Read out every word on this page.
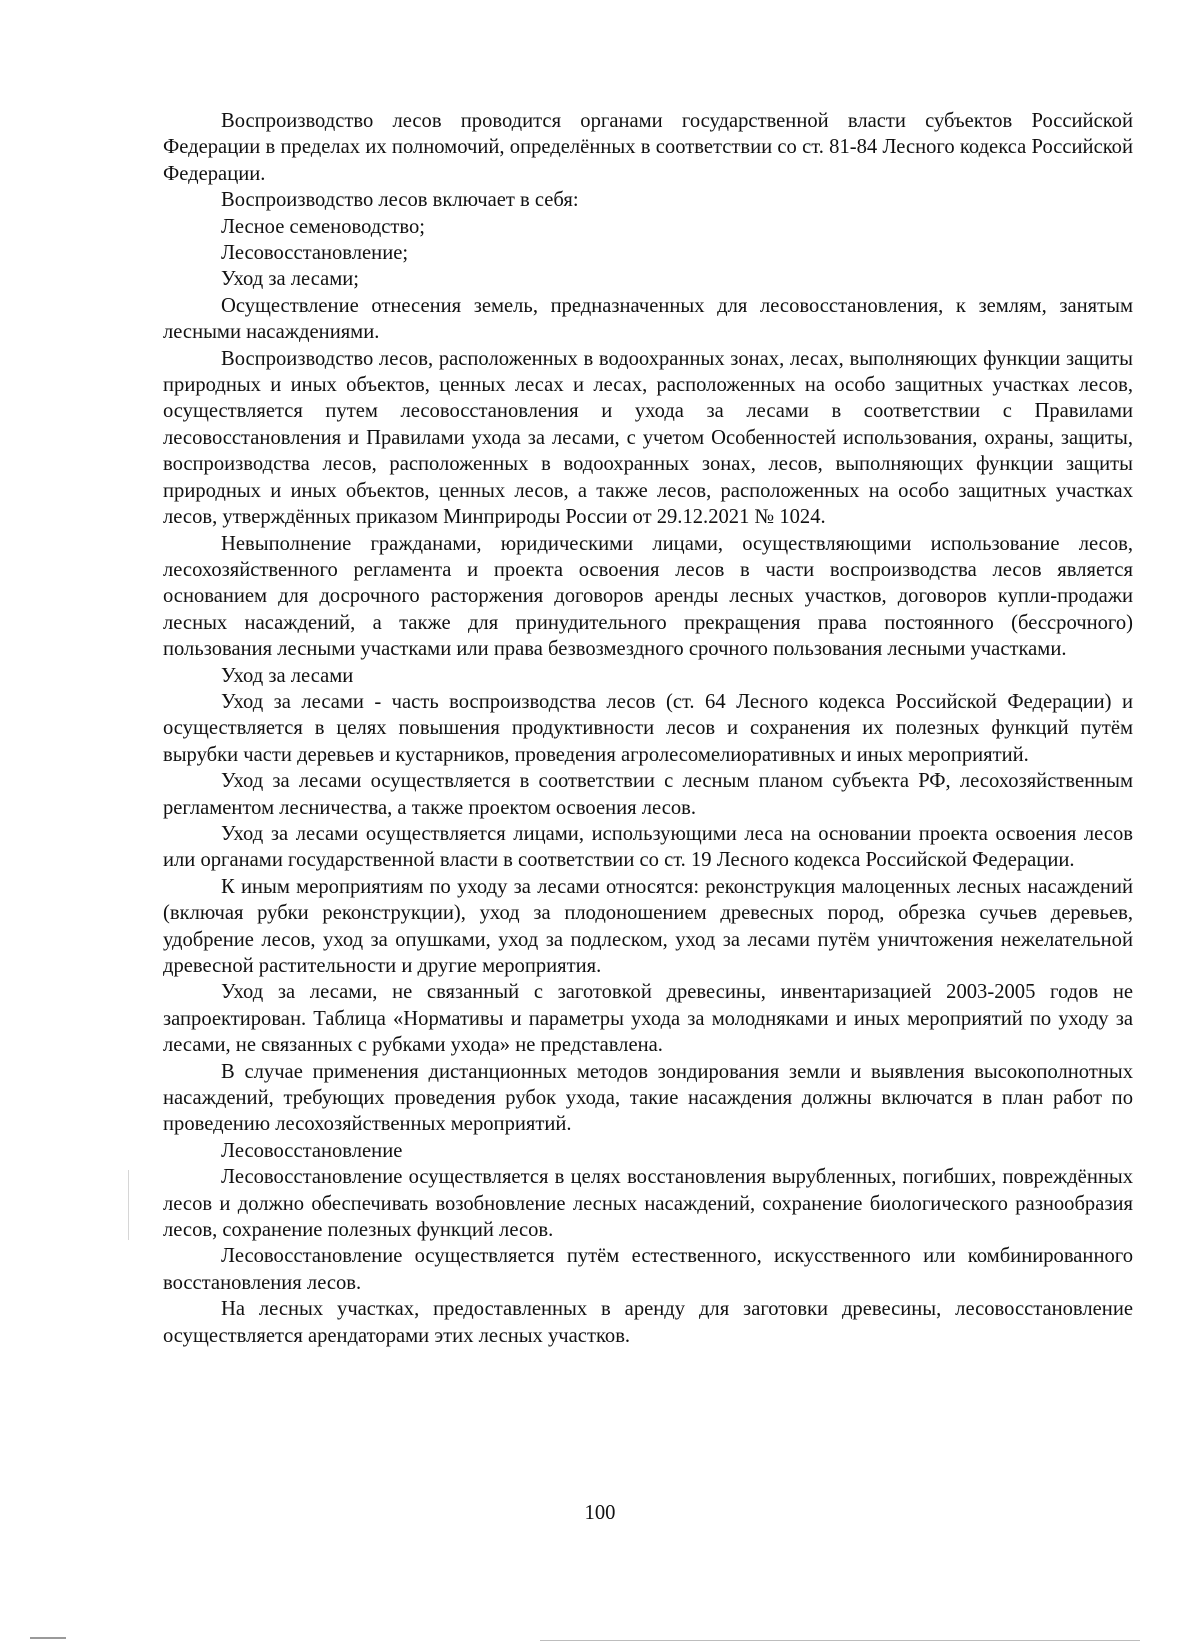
Воспроизводство лесов проводится органами государственной власти субъектов Российской Федерации в пределах их полномочий, определённых в соответствии со ст. 81-84 Лесного кодекса Российской Федерации.

Воспроизводство лесов включает в себя:

Лесное семеноводство;

Лесовосстановление;

Уход за лесами;

Осуществление отнесения земель, предназначенных для лесовосстановления, к землям, занятым лесными насаждениями.

Воспроизводство лесов, расположенных в водоохранных зонах, лесах, выполняющих функции защиты природных и иных объектов, ценных лесах и лесах, расположенных на особо защитных участках лесов, осуществляется путем лесовосстановления и ухода за лесами в соответствии с Правилами лесовосстановления и Правилами ухода за лесами, с учетом Особенностей использования, охраны, защиты, воспроизводства лесов, расположенных в водоохранных зонах, лесов, выполняющих функции защиты природных и иных объектов, ценных лесов, а также лесов, расположенных на особо защитных участках лесов, утверждённых приказом Минприроды России от 29.12.2021 № 1024.

Невыполнение гражданами, юридическими лицами, осуществляющими использование лесов, лесохозяйственного регламента и проекта освоения лесов в части воспроизводства лесов является основанием для досрочного расторжения договоров аренды лесных участков, договоров купли-продажи лесных насаждений, а также для принудительного прекращения права постоянного (бессрочного) пользования лесными участками или права безвозмездного срочного пользования лесными участками.

Уход за лесами

Уход за лесами - часть воспроизводства лесов (ст. 64 Лесного кодекса Российской Федерации) и осуществляется в целях повышения продуктивности лесов и сохранения их полезных функций путём вырубки части деревьев и кустарников, проведения агролесомелиоративных и иных мероприятий.

Уход за лесами осуществляется в соответствии с лесным планом субъекта РФ, лесохозяйственным регламентом лесничества, а также проектом освоения лесов.

Уход за лесами осуществляется лицами, использующими леса на основании проекта освоения лесов или органами государственной власти в соответствии со ст. 19 Лесного кодекса Российской Федерации.

К иным мероприятиям по уходу за лесами относятся: реконструкция малоценных лесных насаждений (включая рубки реконструкции), уход за плодоношением древесных пород, обрезка сучьев деревьев, удобрение лесов, уход за опушками, уход за подлеском, уход за лесами путём уничтожения нежелательной древесной растительности и другие мероприятия.

Уход за лесами, не связанный с заготовкой древесины, инвентаризацией 2003-2005 годов не запроектирован. Таблица «Нормативы и параметры ухода за молодняками и иных мероприятий по уходу за лесами, не связанных с рубками ухода» не представлена.

В случае применения дистанционных методов зондирования земли и выявления высокополнотных насаждений, требующих проведения рубок ухода, такие насаждения должны включатся в план работ по проведению лесохозяйственных мероприятий.

Лесовосстановление

Лесовосстановление осуществляется в целях восстановления вырубленных, погибших, повреждённых лесов и должно обеспечивать возобновление лесных насаждений, сохранение биологического разнообразия лесов, сохранение полезных функций лесов.

Лесовосстановление осуществляется путём естественного, искусственного или комбинированного восстановления лесов.

На лесных участках, предоставленных в аренду для заготовки древесины, лесовосстановление осуществляется арендаторами этих лесных участков.

100
